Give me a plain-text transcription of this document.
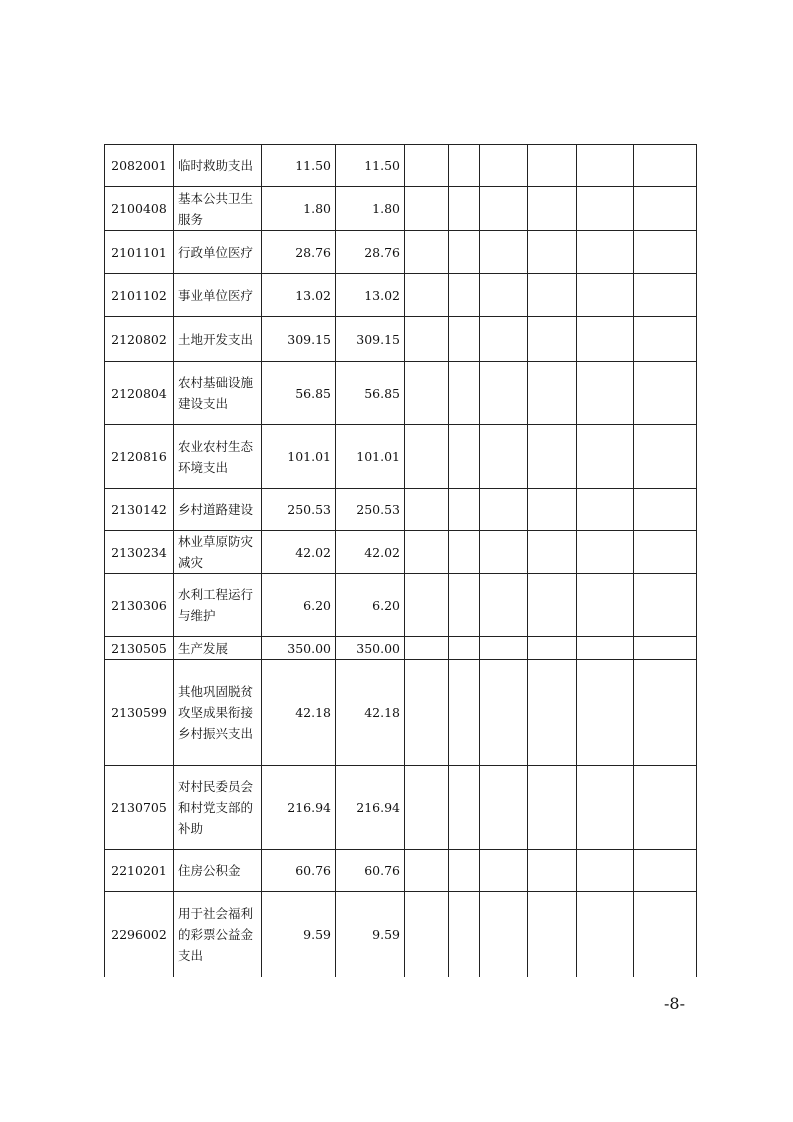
2082001	临时救助支出	11.50	11.50						
2100408	基本公共卫生服务	1.80	1.80						
2101101	行政单位医疗	28.76	28.76						
2101102	事业单位医疗	13.02	13.02						
2120802	土地开发支出	309.15	309.15						
2120804	农村基础设施建设支出	56.85	56.85						
2120816	农业农村生态环境支出	101.01	101.01						
2130142	乡村道路建设	250.53	250.53						
2130234	林业草原防灾减灾	42.02	42.02						
2130306	水利工程运行与维护	6.20	6.20						
2130505	生产发展	350.00	350.00						
2130599	其他巩固脱贫攻坚成果衔接乡村振兴支出	42.18	42.18						
2130705	对村民委员会和村党支部的补助	216.94	216.94						
2210201	住房公积金	60.76	60.76						
2296002	用于社会福利的彩票公益金支出	9.59	9.59						
-8-
